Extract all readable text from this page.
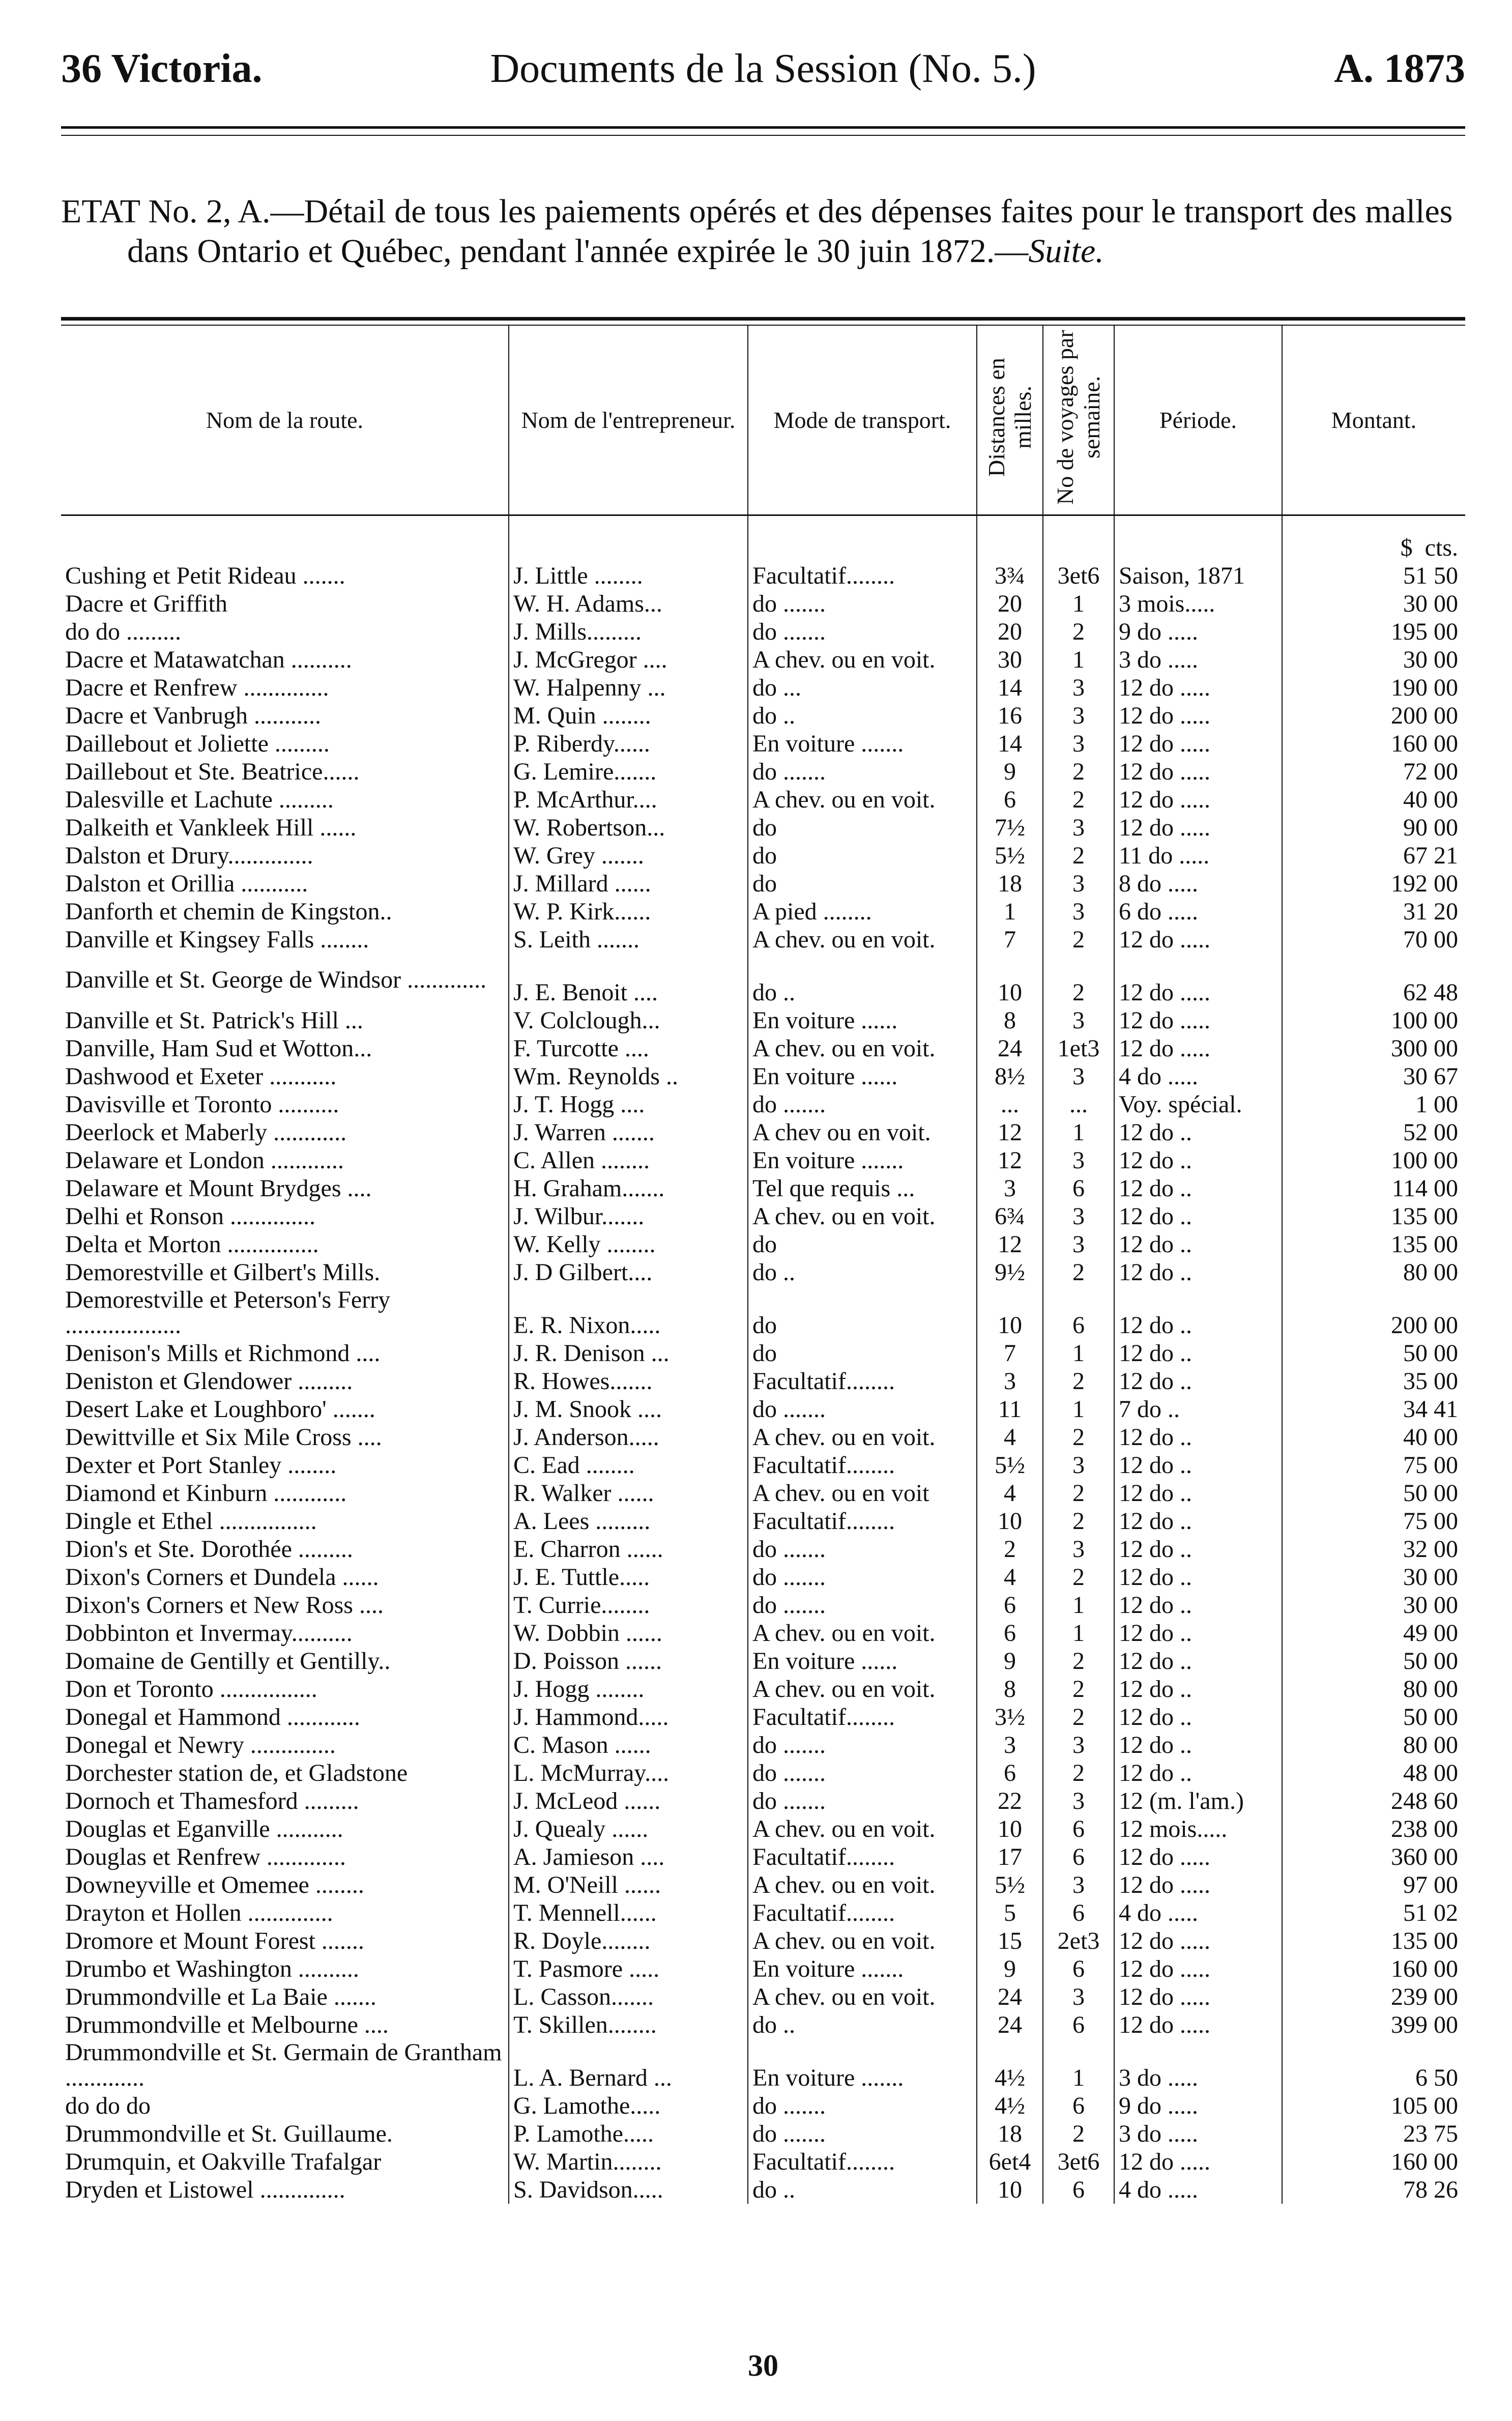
36 Victoria.	Documents de la Session (No. 5.)	A. 1873
ETAT No. 2, A.—Détail de tous les paiements opérés et des dépenses faites pour le transport des malles dans Ontario et Québec, pendant l'année expirée le 30 juin 1872.—Suite.
Nom de la route.	Nom de l'entrepreneur.	Mode de transport.	Distances en milles.	No de voyages par semaine.	Période.	Montant.
						$ cts.
Cushing et Petit Rideau .......	J. Little ........	Facultatif........	3¾	3et6	Saison, 1871	51 50
Dacre et Griffith	W. H. Adams...	do .......	20	1	3 mois.....	30 00
do do .........	J. Mills.........	do .......	20	2	9 do .....	195 00
Dacre et Matawatchan ..........	J. McGregor ....	A chev. ou en voit.	30	1	3 do .....	30 00
Dacre et Renfrew ..............	W. Halpenny ...	do ...	14	3	12 do .....	190 00
Dacre et Vanbrugh ...........	M. Quin ........	do ..	16	3	12 do .....	200 00
Daillebout et Joliette .........	P. Riberdy......	En voiture .......	14	3	12 do .....	160 00
Daillebout et Ste. Beatrice......	G. Lemire.......	do .......	9	2	12 do .....	72 00
Dalesville et Lachute .........	P. McArthur....	A chev. ou en voit.	6	2	12 do .....	40 00
Dalkeith et Vankleek Hill ......	W. Robertson...	do	7½	3	12 do .....	90 00
Dalston et Drury..............	W. Grey .......	do	5½	2	11 do .....	67 21
Dalston et Orillia ...........	J. Millard ......	do	18	3	8 do .....	192 00
Danforth et chemin de Kingston..	W. P. Kirk......	A pied ........	1	3	6 do .....	31 20
Danville et Kingsey Falls ........	S. Leith .......	A chev. ou en voit.	7	2	12 do .....	70 00
Danville et St. George de Windsor .............	J. E. Benoit ....	do ..	10	2	12 do .....	62 48
Danville et St. Patrick's Hill ...	V. Colclough...	En voiture ......	8	3	12 do .....	100 00
Danville, Ham Sud et Wotton...	F. Turcotte ....	A chev. ou en voit.	24	1et3	12 do .....	300 00
Dashwood et Exeter ...........	Wm. Reynolds ..	En voiture ......	8½	3	4 do .....	30 67
Davisville et Toronto ..........	J. T. Hogg ....	do .......	...	...	Voy. spécial.	1 00
Deerlock et Maberly ............	J. Warren .......	A chev ou en voit.	12	1	12 do ..	52 00
Delaware et London ............	C. Allen ........	En voiture .......	12	3	12 do ..	100 00
Delaware et Mount Brydges ....	H. Graham.......	Tel que requis ...	3	6	12 do ..	114 00
Delhi et Ronson ..............	J. Wilbur.......	A chev. ou en voit.	6¾	3	12 do ..	135 00
Delta et Morton ...............	W. Kelly ........	do	12	3	12 do ..	135 00
Demorestville et Gilbert's Mills.	J. D Gilbert....	do ..	9½	2	12 do ..	80 00
Demorestville et Peterson's Ferry ...................	E. R. Nixon.....	do	10	6	12 do ..	200 00
Denison's Mills et Richmond ....	J. R. Denison ...	do	7	1	12 do ..	50 00
Deniston et Glendower .........	R. Howes.......	Facultatif........	3	2	12 do ..	35 00
Desert Lake et Loughboro' .......	J. M. Snook ....	do .......	11	1	7 do ..	34 41
Dewittville et Six Mile Cross ....	J. Anderson.....	A chev. ou en voit.	4	2	12 do ..	40 00
Dexter et Port Stanley ........	C. Ead ........	Facultatif........	5½	3	12 do ..	75 00
Diamond et Kinburn ............	R. Walker ......	A chev. ou en voit	4	2	12 do ..	50 00
Dingle et Ethel ................	A. Lees .........	Facultatif........	10	2	12 do ..	75 00
Dion's et Ste. Dorothée .........	E. Charron ......	do .......	2	3	12 do ..	32 00
Dixon's Corners et Dundela ......	J. E. Tuttle.....	do .......	4	2	12 do ..	30 00
Dixon's Corners et New Ross ....	T. Currie........	do .......	6	1	12 do ..	30 00
Dobbinton et Invermay..........	W. Dobbin ......	A chev. ou en voit.	6	1	12 do ..	49 00
Domaine de Gentilly et Gentilly..	D. Poisson ......	En voiture ......	9	2	12 do ..	50 00
Don et Toronto ................	J. Hogg ........	A chev. ou en voit.	8	2	12 do ..	80 00
Donegal et Hammond ............	J. Hammond.....	Facultatif........	3½	2	12 do ..	50 00
Donegal et Newry ..............	C. Mason ......	do .......	3	3	12 do ..	80 00
Dorchester station de, et Gladstone	L. McMurray....	do .......	6	2	12 do ..	48 00
Dornoch et Thamesford .........	J. McLeod ......	do .......	22	3	12 (m. l'am.)	248 60
Douglas et Eganville ...........	J. Quealy ......	A chev. ou en voit.	10	6	12 mois.....	238 00
Douglas et Renfrew .............	A. Jamieson ....	Facultatif........	17	6	12 do .....	360 00
Downeyville et Omemee ........	M. O'Neill ......	A chev. ou en voit.	5½	3	12 do .....	97 00
Drayton et Hollen ..............	T. Mennell......	Facultatif........	5	6	4 do .....	51 02
Dromore et Mount Forest .......	R. Doyle........	A chev. ou en voit.	15	2et3	12 do .....	135 00
Drumbo et Washington ..........	T. Pasmore .....	En voiture .......	9	6	12 do .....	160 00
Drummondville et La Baie .......	L. Casson.......	A chev. ou en voit.	24	3	12 do .....	239 00
Drummondville et Melbourne ....	T. Skillen........	do ..	24	6	12 do .....	399 00
Drummondville et St. Germain de Grantham .............	L. A. Bernard ...	En voiture .......	4½	1	3 do .....	6 50
do do do	G. Lamothe.....	do .......	4½	6	9 do .....	105 00
Drummondville et St. Guillaume.	P. Lamothe.....	do .......	18	2	3 do .....	23 75
Drumquin, et Oakville Trafalgar	W. Martin........	Facultatif........	6et4	3et6	12 do .....	160 00
Dryden et Listowel ..............	S. Davidson.....	do ..	10	6	4 do .....	78 26
30
